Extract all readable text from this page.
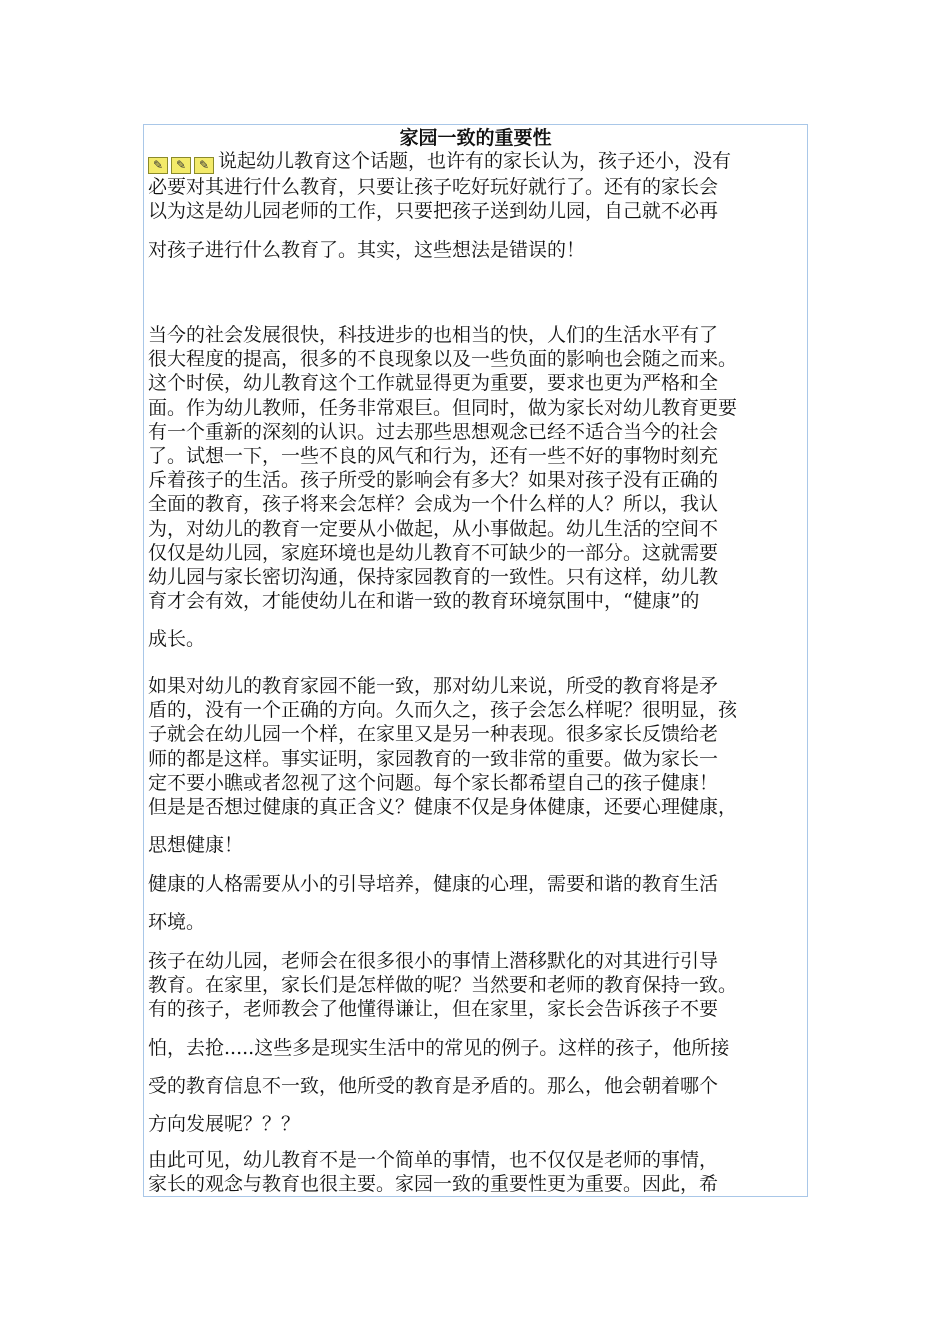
家园一致的重要性
✎ ✎ ✎ 说起幼儿教育这个话题，也许有的家长认为，孩子还小，没有
必要对其进行什么教育，只要让孩子吃好玩好就行了。还有的家长会
以为这是幼儿园老师的工作，只要把孩子送到幼儿园，自己就不必再
对孩子进行什么教育了。其实，这些想法是错误的！
当今的社会发展很快，科技进步的也相当的快，人们的生活水平有了
很大程度的提高，很多的不良现象以及一些负面的影响也会随之而来。
这个时侯，幼儿教育这个工作就显得更为重要，要求也更为严格和全
面。作为幼儿教师，任务非常艰巨。但同时，做为家长对幼儿教育更要
有一个重新的深刻的认识。过去那些思想观念已经不适合当今的社会
了。试想一下，一些不良的风气和行为，还有一些不好的事物时刻充
斥着孩子的生活。孩子所受的影响会有多大？如果对孩子没有正确的
全面的教育，孩子将来会怎样？会成为一个什么样的人？所以，我认
为，对幼儿的教育一定要从小做起，从小事做起。幼儿生活的空间不
仅仅是幼儿园，家庭环境也是幼儿教育不可缺少的一部分。这就需要
幼儿园与家长密切沟通，保持家园教育的一致性。只有这样，幼儿教
育才会有效，才能使幼儿在和谐一致的教育环境氛围中，“健康”的
成长。
如果对幼儿的教育家园不能一致，那对幼儿来说，所受的教育将是矛
盾的，没有一个正确的方向。久而久之，孩子会怎么样呢？很明显，孩
子就会在幼儿园一个样，在家里又是另一种表现。很多家长反馈给老
师的都是这样。事实证明，家园教育的一致非常的重要。做为家长一
定不要小瞧或者忽视了这个问题。每个家长都希望自己的孩子健康！
但是是否想过健康的真正含义？健康不仅是身体健康，还要心理健康，
思想健康！
健康的人格需要从小的引导培养，健康的心理，需要和谐的教育生活
环境。
孩子在幼儿园，老师会在很多很小的事情上潜移默化的对其进行引导
教育。在家里，家长们是怎样做的呢？当然要和老师的教育保持一致。
有的孩子，老师教会了他懂得谦让，但在家里，家长会告诉孩子不要
怕，去抢.....这些多是现实生活中的常见的例子。这样的孩子，他所接
受的教育信息不一致，他所受的教育是矛盾的。那么，他会朝着哪个
方向发展呢？？？
由此可见，幼儿教育不是一个简单的事情，也不仅仅是老师的事情，
家长的观念与教育也很主要。家园一致的重要性更为重要。因此，希
